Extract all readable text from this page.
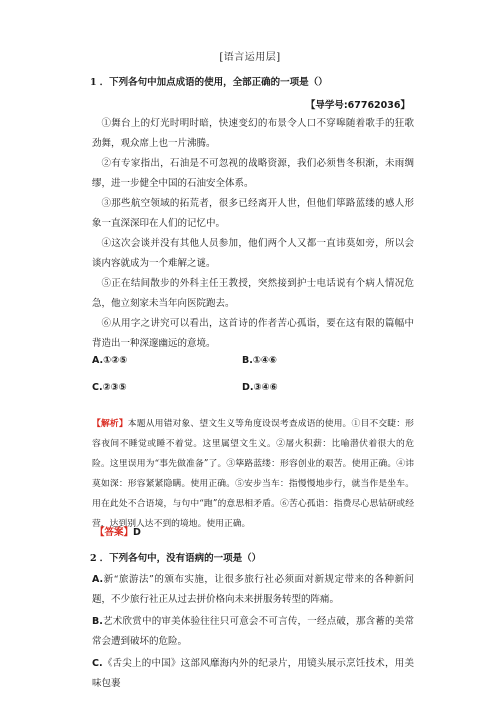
[语言运用层]
1 ．下列各句中加点成语的使用，全部正确的一项是（）
【导学号:67762036】
①舞台上的灯光时明时暗，快速变幻的布景令人口不穿嗥随着歌手的狂歌劲舞，观众席上也一片沸腾。
②有专家指出，石油是不可忽视的战略资源，我们必须售冬积渐，未雨绸缪，进一步健全中国的石油安全体系。
③那些航空领域的拓荒者，很多已经离开人世，但他们筚路蓝缕的感人形象一直深深印在人们的记忆中。
④这次会谈并没有其他人员参加，他们两个人又都一直讳莫如旁，所以会谈内容就成为一个难解之谜。
⑤正在结间散步的外科主任王教授，突然接到护士电话说有个病人情况危急，他立刻家未当年向医院跑去。
⑥从用字之讲究可以看出，这首诗的作者苦心孤诣，要在这有限的篇幅中背造出一种深邃幽远的意境。
A.①②⑤	B.①④⑥
C.②③⑤	D.③④⑥
【解析】本题从用错对象、望文生义等角度设误考查成语的使用。①目不交睫：形容夜间不睡觉或睡不着觉。这里属望文生义。②屠火积薪：比喻潜伏着很大的危险。这里误用为“事先做准备”了。③筚路蓝缕：形容创业的艰苦。使用正确。④讳莫如深：形容紧紧隐瞒。使用正确。⑤安步当车：指慢慢地步行，就当作是坐车。用在此处不合语境，与句中“跑”的意思相矛盾。⑥苦心孤诣：指费尽心思钻研或经营，达到别人达不到的境地。使用正确。
【答案】D
2 ．下列各句中，没有语病的一项是（）
A.新“旅游法”的颁布实施，让很多旅行社必须面对新规定带来的各种新问题，不少旅行社正从过去拼价格向未来拼服务转型的阵痛。
B.艺术欣赏中的审美体验往往只可意会不可言传，一经点破，那含蓄的美常常会遭到破坏的危险。
C.《舌尖上的中国》这部风靡海内外的纪录片，用镜头展示烹饪技术，用美味包裹
